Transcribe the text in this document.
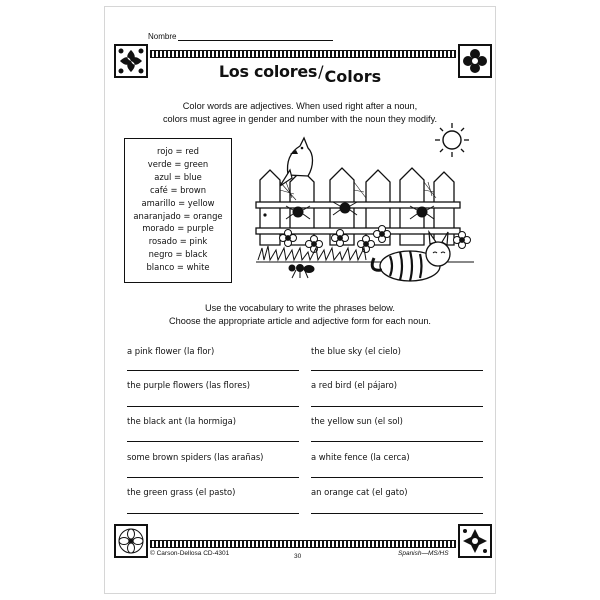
Nombre
Los colores/Colors
Color words are adjectives. When used right after a noun,
colors must agree in gender and number with the noun they modify.
rojo = red
verde = green
azul = blue
café = brown
amarillo = yellow
anaranjado = orange
morado = purple
rosado = pink
negro = black
blanco = white
Use the vocabulary to write the phrases below.
Choose the appropriate article and adjective form for each noun.
a pink flower (la flor)
the purple flowers (las flores)
the black ant (la hormiga)
some brown spiders (las arañas)
the green grass (el pasto)
the blue sky (el cielo)
a red bird (el pájaro)
the yellow sun (el sol)
a white fence (la cerca)
an orange cat (el gato)
© Carson-Dellosa CD-4301	30	Spanish—MS/HS
